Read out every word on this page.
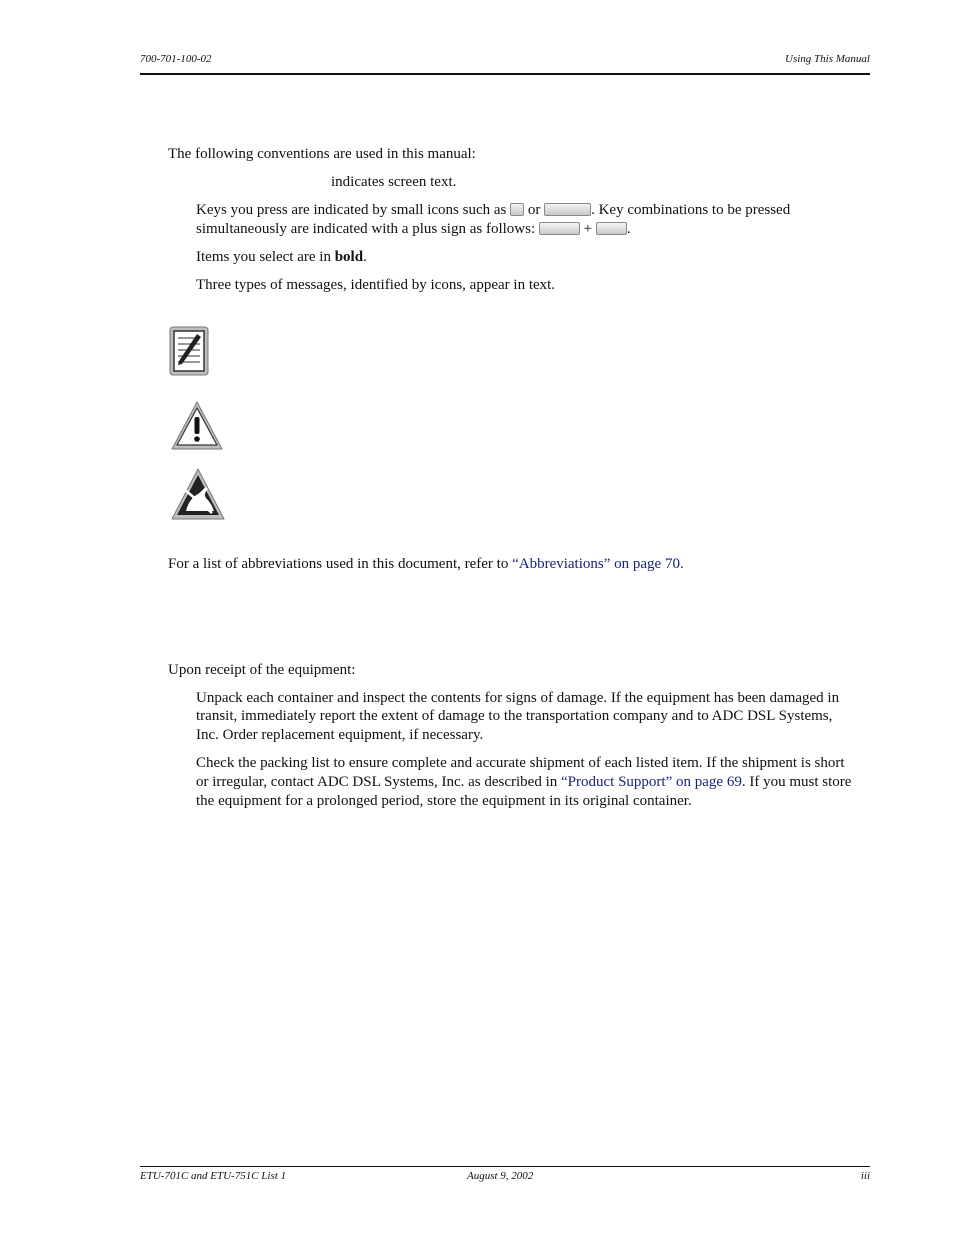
700-701-100-02	Using This Manual

The following conventions are used in this manual:

indicates screen text.

Keys you press are indicated by small icons such as or	. Key combinations to be pressed

simultaneously are indicated with a plus sign as follows:	+ .

Items you select are in bold.

Three types of messages, identified by icons, appear in text.

For a list of abbreviations used in this document, refer to “Abbreviations” on page 70.

Upon receipt of the equipment:

Unpack each container and inspect the contents for signs of damage. If the equipment has been damaged in

transit, immediately report the extent of damage to the transportation company and to ADC DSL Systems,

Inc. Order replacement equipment, if necessary.

Check the packing list to ensure complete and accurate shipment of each listed item. If the shipment is short

or irregular, contact ADC DSL Systems, Inc. as described in “Product Support” on page 69. If you must store

the equipment for a prolonged period, store the equipment in its original container.

ETU-701C and ETU-751C List 1	August 9, 2002	iii
